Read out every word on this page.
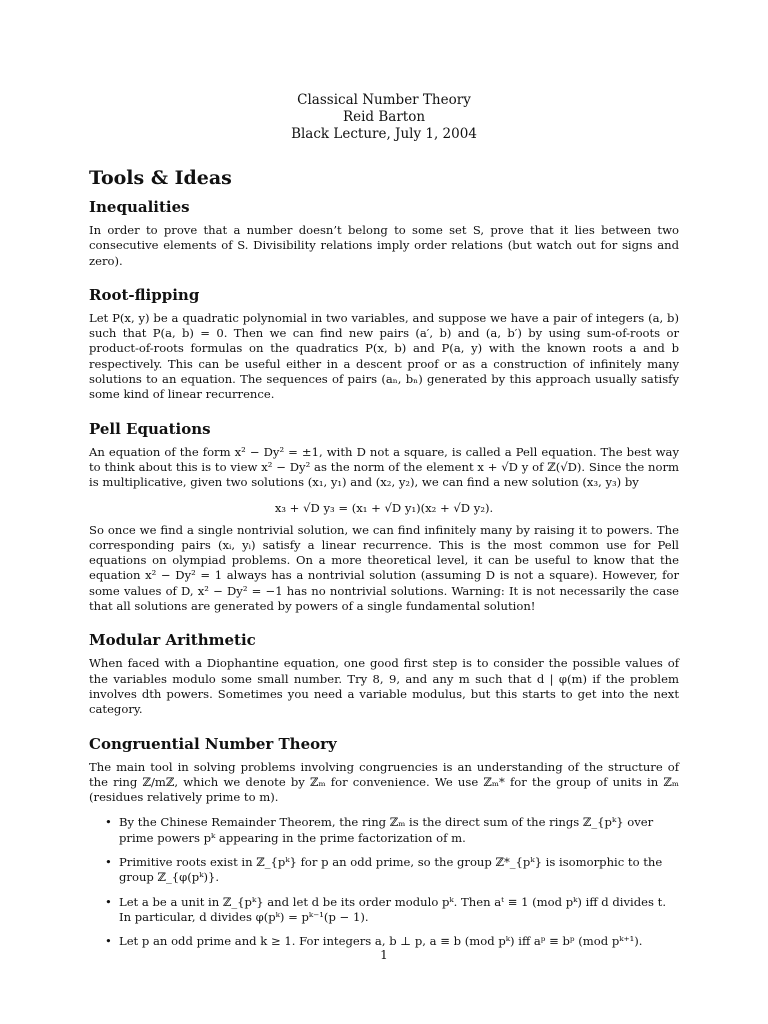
Classical Number Theory
Reid Barton
Black Lecture, July 1, 2004
Tools & Ideas
Inequalities

In order to prove that a number doesn’t belong to some set S, prove that it lies between two consecutive elements of S. Divisibility relations imply order relations (but watch out for signs and zero).

Root-flipping

Let P(x, y) be a quadratic polynomial in two variables, and suppose we have a pair of integers (a, b) such that P(a, b) = 0. Then we can find new pairs (a′, b) and (a, b′) by using sum-of-roots or product-of-roots formulas on the quadratics P(x, b) and P(a, y) with the known roots a and b respectively. This can be useful either in a descent proof or as a construction of infinitely many solutions to an equation. The sequences of pairs (aₙ, bₙ) generated by this approach usually satisfy some kind of linear recurrence.

Pell Equations

An equation of the form x² − Dy² = ±1, with D not a square, is called a Pell equation. The best way to think about this is to view x² − Dy² as the norm of the element x + √D y of ℤ(√D). Since the norm is multiplicative, given two solutions (x₁, y₁) and (x₂, y₂), we can find a new solution (x₃, y₃) by

x₃ + √D y₃ = (x₁ + √D y₁)(x₂ + √D y₂).

So once we find a single nontrivial solution, we can find infinitely many by raising it to powers. The corresponding pairs (xᵢ, yᵢ) satisfy a linear recurrence. This is the most common use for Pell equations on olympiad problems. On a more theoretical level, it can be useful to know that the equation x² − Dy² = 1 always has a nontrivial solution (assuming D is not a square). However, for some values of D, x² − Dy² = −1 has no nontrivial solutions. Warning: It is not necessarily the case that all solutions are generated by powers of a single fundamental solution!

Modular Arithmetic

When faced with a Diophantine equation, one good first step is to consider the possible values of the variables modulo some small number. Try 8, 9, and any m such that d | φ(m) if the problem involves dth powers. Sometimes you need a variable modulus, but this starts to get into the next category.

Congruential Number Theory

The main tool in solving problems involving congruencies is an understanding of the structure of the ring ℤ/mℤ, which we denote by ℤₘ for convenience. We use ℤₘ* for the group of units in ℤₘ (residues relatively prime to m).

• By the Chinese Remainder Theorem, the ring ℤₘ is the direct sum of the rings ℤ_{pᵏ} over prime powers pᵏ appearing in the prime factorization of m.
• Primitive roots exist in ℤ_{pᵏ} for p an odd prime, so the group ℤ*_{pᵏ} is isomorphic to the group ℤ_{φ(pᵏ)}.
• Let a be a unit in ℤ_{pᵏ} and let d be its order modulo pᵏ. Then aᵗ ≡ 1 (mod pᵏ) iff d divides t. In particular, d divides φ(pᵏ) = pᵏ⁻¹(p − 1).
• Let p an odd prime and k ≥ 1. For integers a, b ⊥ p, a ≡ b (mod pᵏ) iff aᵖ ≡ bᵖ (mod pᵏ⁺¹).
1
